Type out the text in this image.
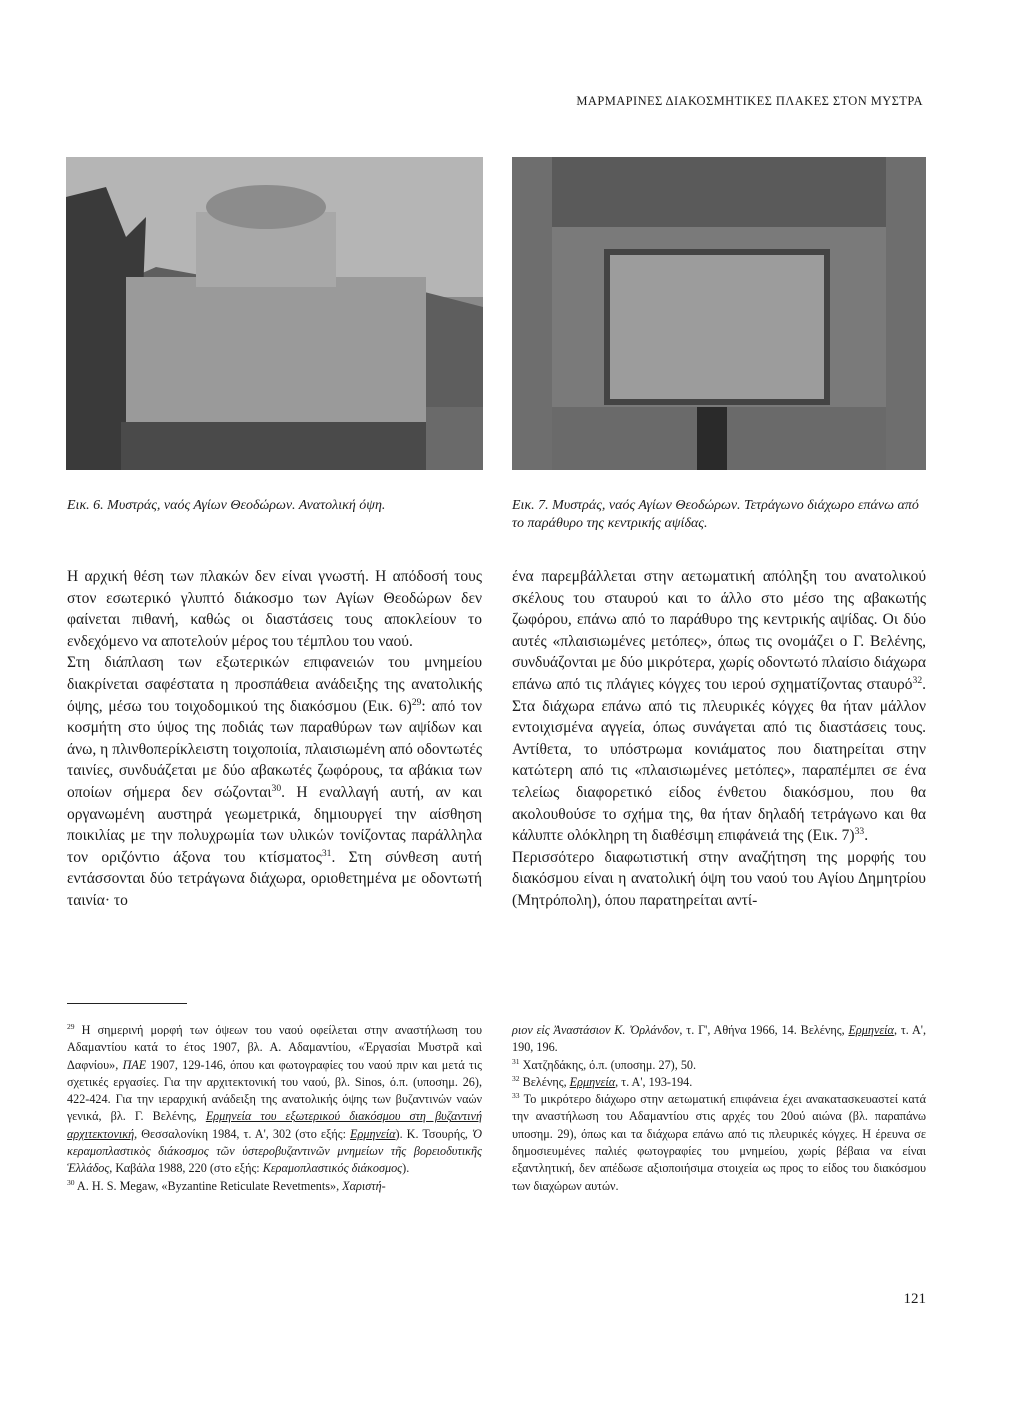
ΜΑΡΜΑΡΙΝΕΣ ΔΙΑΚΟΣΜΗΤΙΚΕΣ ΠΛΑΚΕΣ ΣΤΟΝ ΜΥΣΤΡΑ
Εικ. 6. Μυστράς, ναός Αγίων Θεοδώρων. Ανατολική όψη.	Εικ. 7. Μυστράς, ναός Αγίων Θεοδώρων. Τετράγωνο διάχωρο επάνω από το παράθυρο της κεντρικής αψίδας.

Η αρχική θέση των πλακών δεν είναι γνωστή. Η απόδοσή τους στον εσωτερικό γλυπτό διάκοσμο των Αγίων Θεοδώρων δεν φαίνεται πιθανή, καθώς οι διαστάσεις τους αποκλείουν το ενδεχόμενο να αποτελούν μέρος του τέμπλου του ναού.

Στη διάπλαση των εξωτερικών επιφανειών του μνημείου διακρίνεται σαφέστατα η προσπάθεια ανάδειξης της ανατολικής όψης, μέσω του τοιχοδομικού της διακόσμου (Εικ. 6)$^{29}$: από τον κοσμήτη στο ύψος της ποδιάς των παραθύρων των αψίδων και άνω, η πλινθοπερίκλειστη τοιχοποιία, πλαισιωμένη από οδοντωτές ταινίες, συνδυάζεται με δύο αβακωτές ζωφόρους, τα αβάκια των οποίων σήμερα δεν σώζονται$^{30}$. Η εναλλαγή αυτή, αν και οργανωμένη αυστηρά γεωμετρικά, δημιουργεί την αίσθηση ποικιλίας με την πολυχρωμία των υλικών τονίζοντας παράλληλα τον οριζόντιο άξονα του κτίσματος$^{31}$. Στη σύνθεση αυτή εντάσσονται δύο τετράγωνα διάχωρα, οριοθετημένα με οδοντωτή ταινία· το

ένα παρεμβάλλεται στην αετωματική απόληξη του ανατολικού σκέλους του σταυρού και το άλλο στο μέσο της αβακωτής ζωφόρου, επάνω από το παράθυρο της κεντρικής αψίδας. Οι δύο αυτές «πλαισιωμένες μετόπες», όπως τις ονομάζει ο Γ. Βελένης, συνδυάζονται με δύο μικρότερα, χωρίς οδοντωτό πλαίσιο διάχωρα επάνω από τις πλάγιες κόγχες του ιερού σχηματίζοντας σταυρό$^{32}$. Στα διάχωρα επάνω από τις πλευρικές κόγχες θα ήταν μάλλον εντοιχισμένα αγγεία, όπως συνάγεται από τις διαστάσεις τους. Αντίθετα, το υπόστρωμα κονιάματος που διατηρείται στην κατώτερη από τις «πλαισιωμένες μετόπες», παραπέμπει σε ένα τελείως διαφορετικό είδος ένθετου διακόσμου, που θα ακολουθούσε το σχήμα της, θα ήταν δηλαδή τετράγωνο και θα κάλυπτε ολόκληρη τη διαθέσιμη επιφάνειά της (Εικ. 7)$^{33}$.

Περισσότερο διαφωτιστική στην αναζήτηση της μορφής του διακόσμου είναι η ανατολική όψη του ναού του Αγίου Δημητρίου (Μητρόπολη), όπου παρατηρείται αντί-

$^{29}$ Η σημερινή μορφή των όψεων του ναού οφείλεται στην αναστήλωση του Αδαμαντίου κατά το έτος 1907, βλ. Α. Αδαμαντίου, «Έργασίαι Μυστρᾶ καὶ Δαφνίου», ΠΑΕ 1907, 129-146, όπου και φωτογραφίες του ναού πριν και μετά τις σχετικές εργασίες. Για την αρχιτεκτονική του ναού, βλ. Sinos, ό.π. (υποσημ. 26), 422-424. Για την ιεραρχική ανάδειξη της ανατολικής όψης των βυζαντινών ναών γενικά, βλ. Γ. Βελένης, Ερμηνεία του εξωτερικού διακόσμου στη βυζαντινή αρχιτεκτονική, Θεσσαλονίκη 1984, τ. Α', 302 (στο εξής: Ερμηνεία). Κ. Τσουρής, Ὁ κεραμοπλαστικὸς διάκοσμος τῶν ὑστεροβυζαντινῶν μνημείων τῆς βορειοδυτικῆς Ἑλλάδος, Καβάλα 1988, 220 (στο εξής: Κεραμοπλαστικός διάκοσμος).

$^{30}$ A. H. S. Megaw, «Byzantine Reticulate Revetments», Χαριστή-

ριον εἰς Ἀναστάσιον Κ. Ὀρλάνδον, τ. Γ', Αθήνα 1966, 14. Βελένης, Ερμηνεία, τ. Α', 190, 196.

$^{31}$ Χατζηδάκης, ό.π. (υποσημ. 27), 50.

$^{32}$ Βελένης, Ερμηνεία, τ. Α', 193-194.

$^{33}$ Το μικρότερο διάχωρο στην αετωματική επιφάνεια έχει ανακατασκευαστεί κατά την αναστήλωση του Αδαμαντίου στις αρχές του 20ού αιώνα (βλ. παραπάνω υποσημ. 29), όπως και τα διάχωρα επάνω από τις πλευρικές κόγχες. Η έρευνα σε δημοσιευμένες παλιές φωτογραφίες του μνημείου, χωρίς βέβαια να είναι εξαντλητική, δεν απέδωσε αξιοποιήσιμα στοιχεία ως προς το είδος του διακόσμου των διαχώρων αυτών.

121
